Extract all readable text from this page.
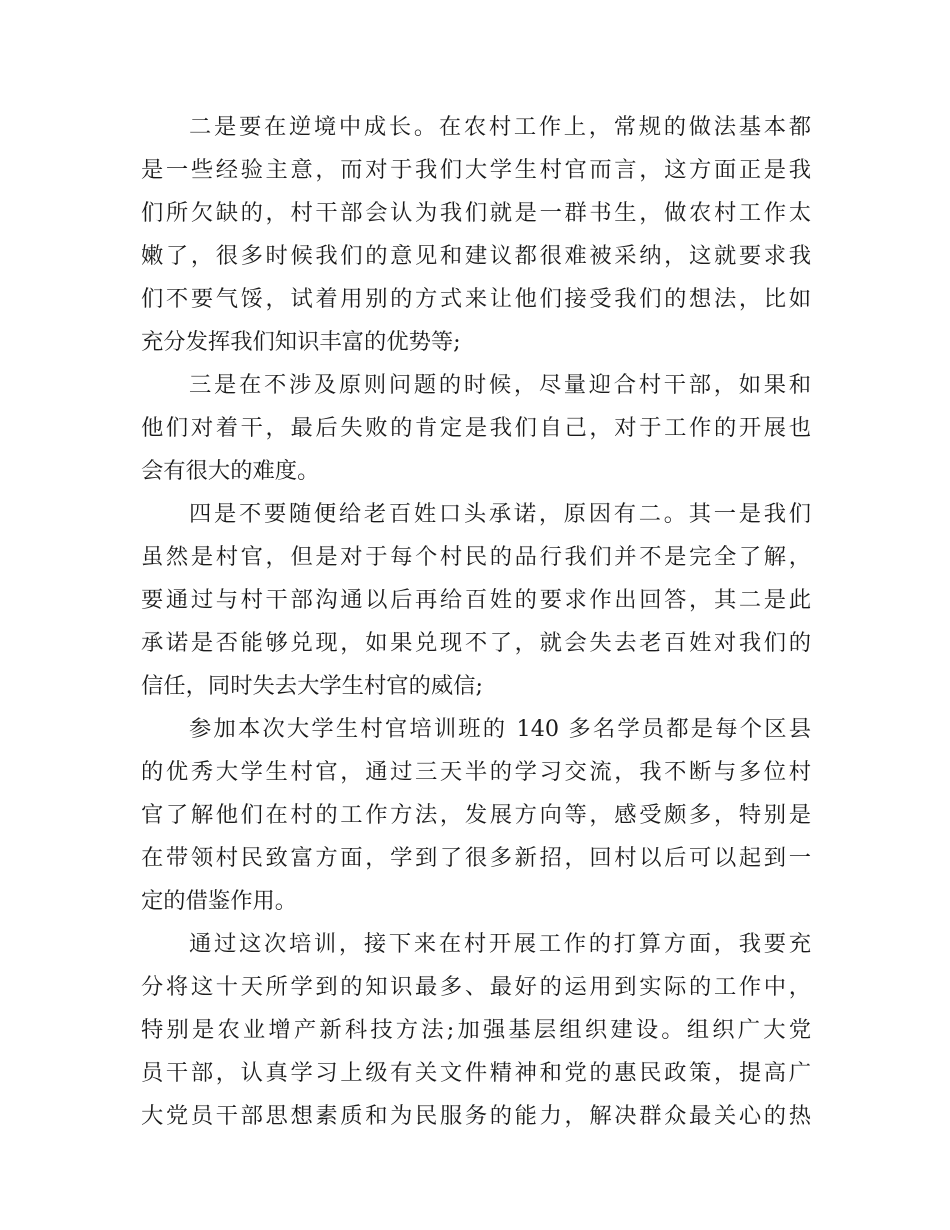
二是要在逆境中成长。在农村工作上，常规的做法基本都
是一些经验主意，而对于我们大学生村官而言，这方面正是我
们所欠缺的，村干部会认为我们就是一群书生，做农村工作太
嫩了，很多时候我们的意见和建议都很难被采纳，这就要求我
们不要气馁，试着用别的方式来让他们接受我们的想法，比如
充分发挥我们知识丰富的优势等;
三是在不涉及原则问题的时候，尽量迎合村干部，如果和
他们对着干，最后失败的肯定是我们自己，对于工作的开展也
会有很大的难度。
四是不要随便给老百姓口头承诺，原因有二。其一是我们
虽然是村官，但是对于每个村民的品行我们并不是完全了解，
要通过与村干部沟通以后再给百姓的要求作出回答，其二是此
承诺是否能够兑现，如果兑现不了，就会失去老百姓对我们的
信任，同时失去大学生村官的威信;
参加本次大学生村官培训班的 140 多名学员都是每个区县
的优秀大学生村官，通过三天半的学习交流，我不断与多位村
官了解他们在村的工作方法，发展方向等，感受颇多，特别是
在带领村民致富方面，学到了很多新招，回村以后可以起到一
定的借鉴作用。
通过这次培训，接下来在村开展工作的打算方面，我要充
分将这十天所学到的知识最多、最好的运用到实际的工作中，
特别是农业增产新科技方法;加强基层组织建设。组织广大党
员干部，认真学习上级有关文件精神和党的惠民政策，提高广
大党员干部思想素质和为民服务的能力，解决群众最关心的热
